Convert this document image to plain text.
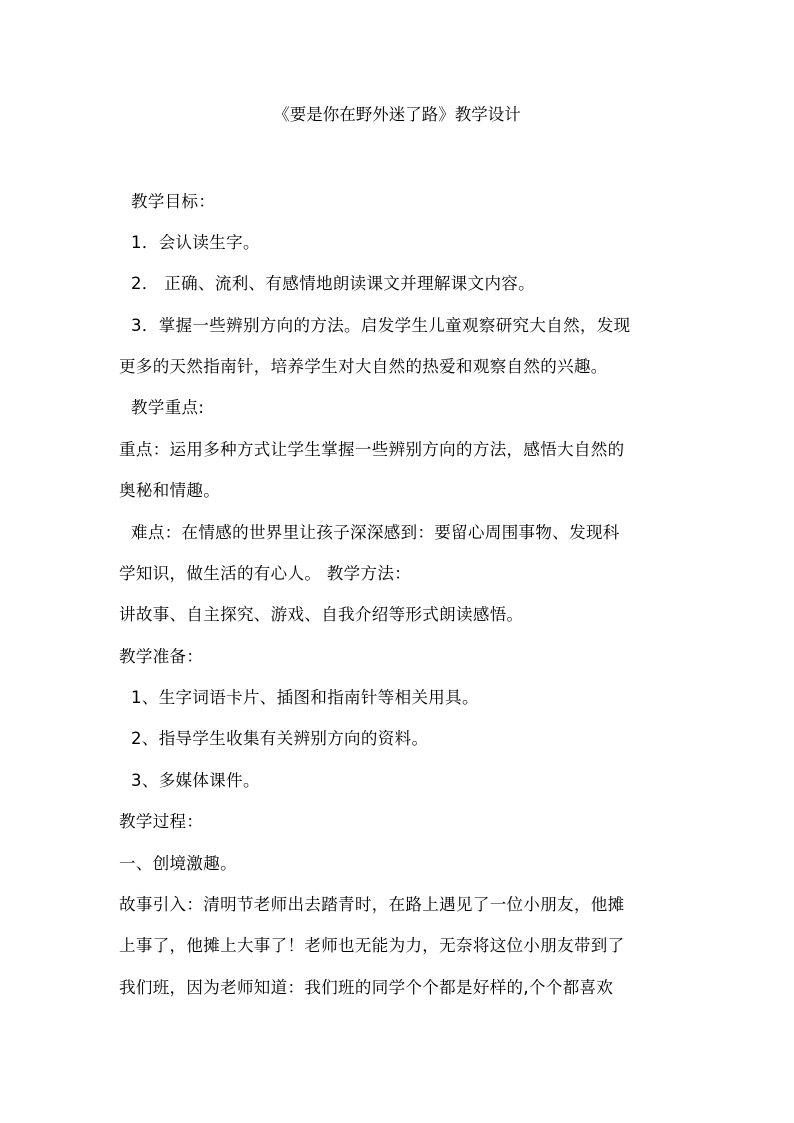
《要是你在野外迷了路》教学设计
教学目标：
1．会认读生字。
2． 正确、流利、有感情地朗读课文并理解课文内容。
3．掌握一些辨别方向的方法。启发学生儿童观察研究大自然，发现
更多的天然指南针，培养学生对大自然的热爱和观察自然的兴趣。
教学重点:
重点：运用多种方式让学生掌握一些辨别方向的方法，感悟大自然的
奥秘和情趣。
难点：在情感的世界里让孩子深深感到：要留心周围事物、发现科
学知识，做生活的有心人。 教学方法：
讲故事、自主探究、游戏、自我介绍等形式朗读感悟。
教学准备：
1、生字词语卡片、插图和指南针等相关用具。
2、指导学生收集有关辨别方向的资料。
3、多媒体课件。
教学过程：
一、创境激趣。
故事引入：清明节老师出去踏青时，在路上遇见了一位小朋友，他摊
上事了，他摊上大事了！老师也无能为力，无奈将这位小朋友带到了
我们班，因为老师知道：我们班的同学个个都是好样的,个个都喜欢
